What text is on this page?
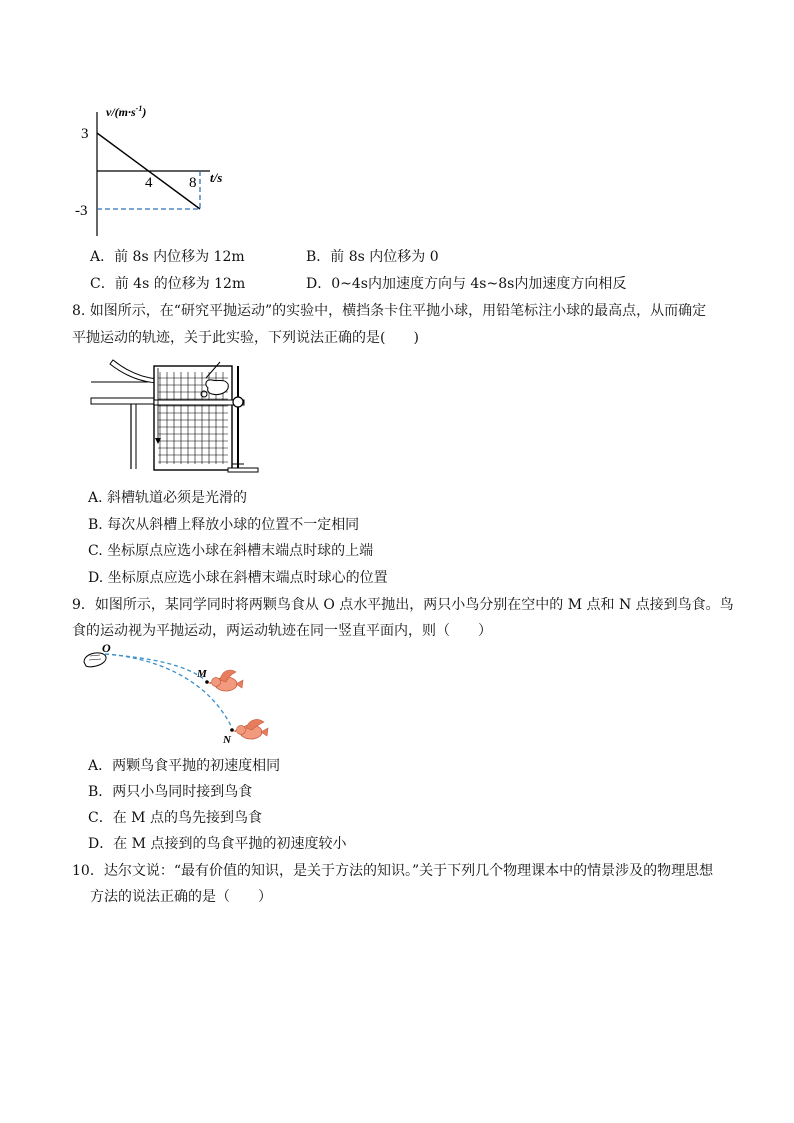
$v/(m\cdot s^{-1})$
t/s
3
-3
4 8
A．前 8s 内位移为 12m	B．前 8s 内位移为 0
C．前 4s 的位移为 12m	D．0~4s内加速度方向与 4s~8s内加速度方向相反
8. 如图所示，在“研究平抛运动”的实验中，横挡条卡住平抛小球，用铅笔标注小球的最高点，从而确定
平抛运动的轨迹，关于此实验，下列说法正确的是(　　)
A. 斜槽轨道必须是光滑的
B. 每次从斜槽上释放小球的位置不一定相同
C. 坐标原点应选小球在斜槽末端点时球的上端
D. 坐标原点应选小球在斜槽末端点时球心的位置
9．如图所示，某同学同时将两颗鸟食从 O 点水平抛出，两只小鸟分别在空中的 M 点和 N 点接到鸟食。鸟
食的运动视为平抛运动，两运动轨迹在同一竖直平面内，则（　　）
O
M
N
A．两颗鸟食平抛的初速度相同
B．两只小鸟同时接到鸟食
C．在 M 点的鸟先接到鸟食
D．在 M 点接到的鸟食平抛的初速度较小
10．达尔文说：“最有价值的知识，是关于方法的知识。”关于下列几个物理课本中的情景涉及的物理思想
方法的说法正确的是（　　）
